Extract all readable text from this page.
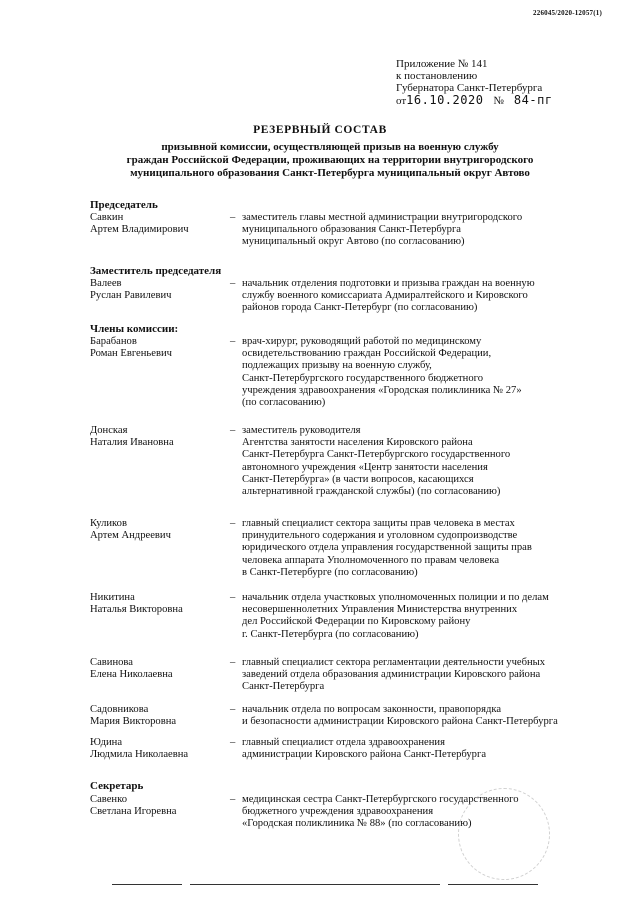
226045/2020-12057(1)
Приложение № 141
к постановлению
Губернатора Санкт-Петербурга
от16.10.2020 № 84-пг
РЕЗЕРВНЫЙ СОСТАВ
призывной комиссии, осуществляющей призыв на военную службу
граждан Российской Федерации, проживающих на территории внутригородского
муниципального образования Санкт-Петербурга муниципальный округ Автово
Председатель
Заместитель председателя
Члены комиссии:
Секретарь
Савкин
Артем Владимирович
– заместитель главы местной администрации внутригородского
муниципального образования Санкт-Петербурга
муниципальный округ Автово (по согласованию)
Валеев
Руслан Равилевич
– начальник отделения подготовки и призыва граждан на военную
службу военного комиссариата Адмиралтейского и Кировского
районов города Санкт-Петербург (по согласованию)
Барабанов
Роман Евгеньевич
– врач-хирург, руководящий работой по медицинскому
освидетельствованию граждан Российской Федерации,
подлежащих призыву на военную службу,
Санкт-Петербургского государственного бюджетного
учреждения здравоохранения «Городская поликлиника № 27»
(по согласованию)
Донская
Наталия Ивановна
– заместитель руководителя
Агентства занятости населения Кировского района
Санкт-Петербурга Санкт-Петербургского государственного
автономного учреждения «Центр занятости населения
Санкт-Петербурга» (в части вопросов, касающихся
альтернативной гражданской службы) (по согласованию)
Куликов
Артем Андреевич
– главный специалист сектора защиты прав человека в местах
принудительного содержания и уголовном судопроизводстве
юридического отдела управления государственной защиты прав
человека аппарата Уполномоченного по правам человека
в Санкт-Петербурге (по согласованию)
Никитина
Наталья Викторовна
– начальник отдела участковых уполномоченных полиции и по делам
несовершеннолетних Управления Министерства внутренних
дел Российской Федерации по Кировскому району
г. Санкт-Петербурга (по согласованию)
Савинова
Елена Николаевна
– главный специалист сектора регламентации деятельности учебных
заведений отдела образования администрации Кировского района
Санкт-Петербурга
Садовникова
Мария Викторовна
– начальник отдела по вопросам законности, правопорядка
и безопасности администрации Кировского района Санкт-Петербурга
Юдина
Людмила Николаевна
– главный специалист отдела здравоохранения
администрации Кировского района Санкт-Петербурга
Савенко
Светлана Игоревна
– медицинская сестра Санкт-Петербургского государственного
бюджетного учреждения здравоохранения
«Городская поликлиника № 88» (по согласованию)
